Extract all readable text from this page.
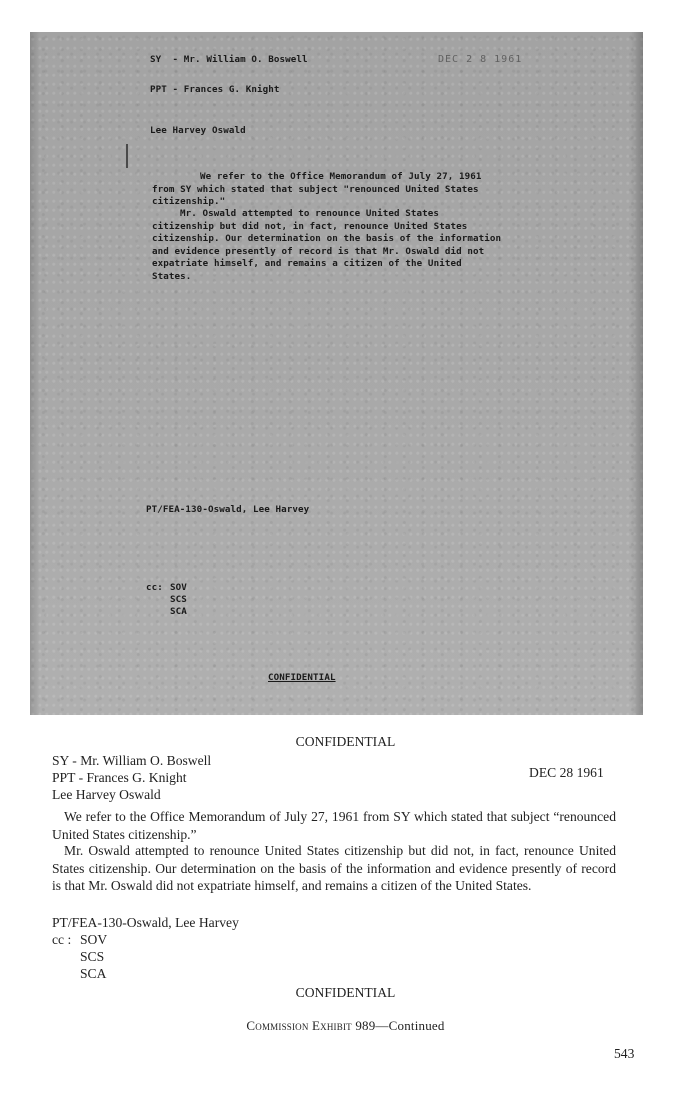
SY  - Mr. William O. Boswell	DEC 2 8 1961

PPT - Frances G. Knight

Lee Harvey Oswald

We refer to the Office Memorandum of July 27, 1961 from SY which stated that subject "renounced United States citizenship."

Mr. Oswald attempted to renounce United States citizenship but did not, in fact, renounce United States citizenship. Our determination on the basis of the information and evidence presently of record is that Mr. Oswald did not expatriate himself, and remains a citizen of the United States.

PT/FEA-130-Oswald, Lee Harvey

cc: SOV

SCS

SCA

CONFIDENTIAL

CONFIDENTIAL

SY - Mr. William O. Boswell

PPT - Frances G. Knight	DEC 28 1961

Lee Harvey Oswald

We refer to the Office Memorandum of July 27, 1961 from SY which stated that subject “renounced United States citizenship.”

Mr. Oswald attempted to renounce United States citizenship but did not, in fact, renounce United States citizenship. Our determination on the basis of the information and evidence presently of record is that Mr. Oswald did not expatriate himself, and remains a citizen of the United States.

PT/FEA-130-Oswald, Lee Harvey

cc : SOV

SCS

SCA

CONFIDENTIAL

Commission Exhibit 989—Continued

543
